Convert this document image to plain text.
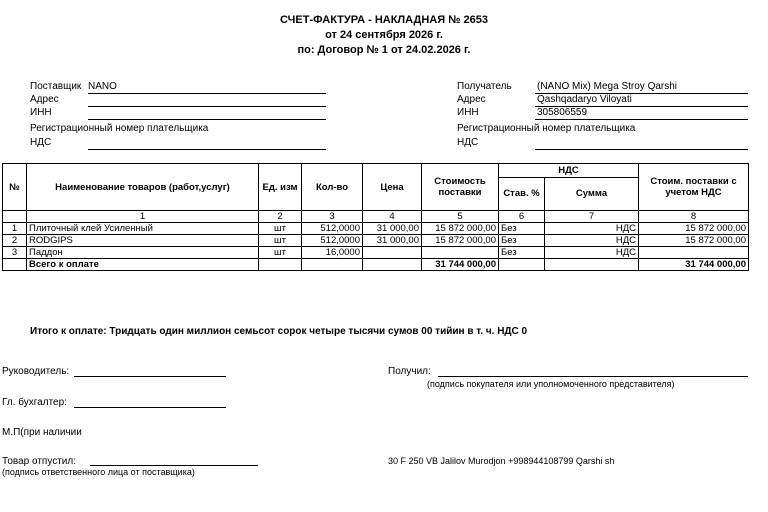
СЧЕТ-ФАКТУРА - НАКЛАДНАЯ № 2653
от 24 сентября 2026 г.
по: Договор № 1 от 24.02.2026 г.
Поставщик NANO
Адрес
ИНН
Регистрационный номер плательщика
НДС
Получатель	(NANO Mix) Mega Stroy Qarshi
Адрес	Qashqadaryo Viloyati
ИНН	305806559
Регистрационный номер плательщика
НДС
№	Наименование товаров (работ,услуг)	Ед. изм	Кол-во	Цена	Стоимость поставки	НДС		Стоим. поставки с учетом НДС
						Став. %	Сумма	
	1	2	3	4	5	6	7	8
1	Плиточный клей Усиленный	шт	512,0000	31 000,00	15 872 000,00	Без	НДС	15 872 000,00
2	RODGIPS	шт	512,0000	31 000,00	15 872 000,00	Без	НДС	15 872 000,00
3	Паддон	шт	16,0000			Без	НДС	
	Всего к оплате				31 744 000,00			31 744 000,00
Итого к оплате: Тридцать один миллион семьсот сорок четыре тысячи сумов 00 тийин в т. ч. НДС 0
Руководитель:
Гл. бухгалтер:
М.П(при наличии
Товар отпустил:
(подпись ответственного лица от поставщика)
Получил:
(подпись покупателя или уполномоченного представителя)
30 F 250 VB Jalilov Murodjon +998944108799 Qarshi sh
